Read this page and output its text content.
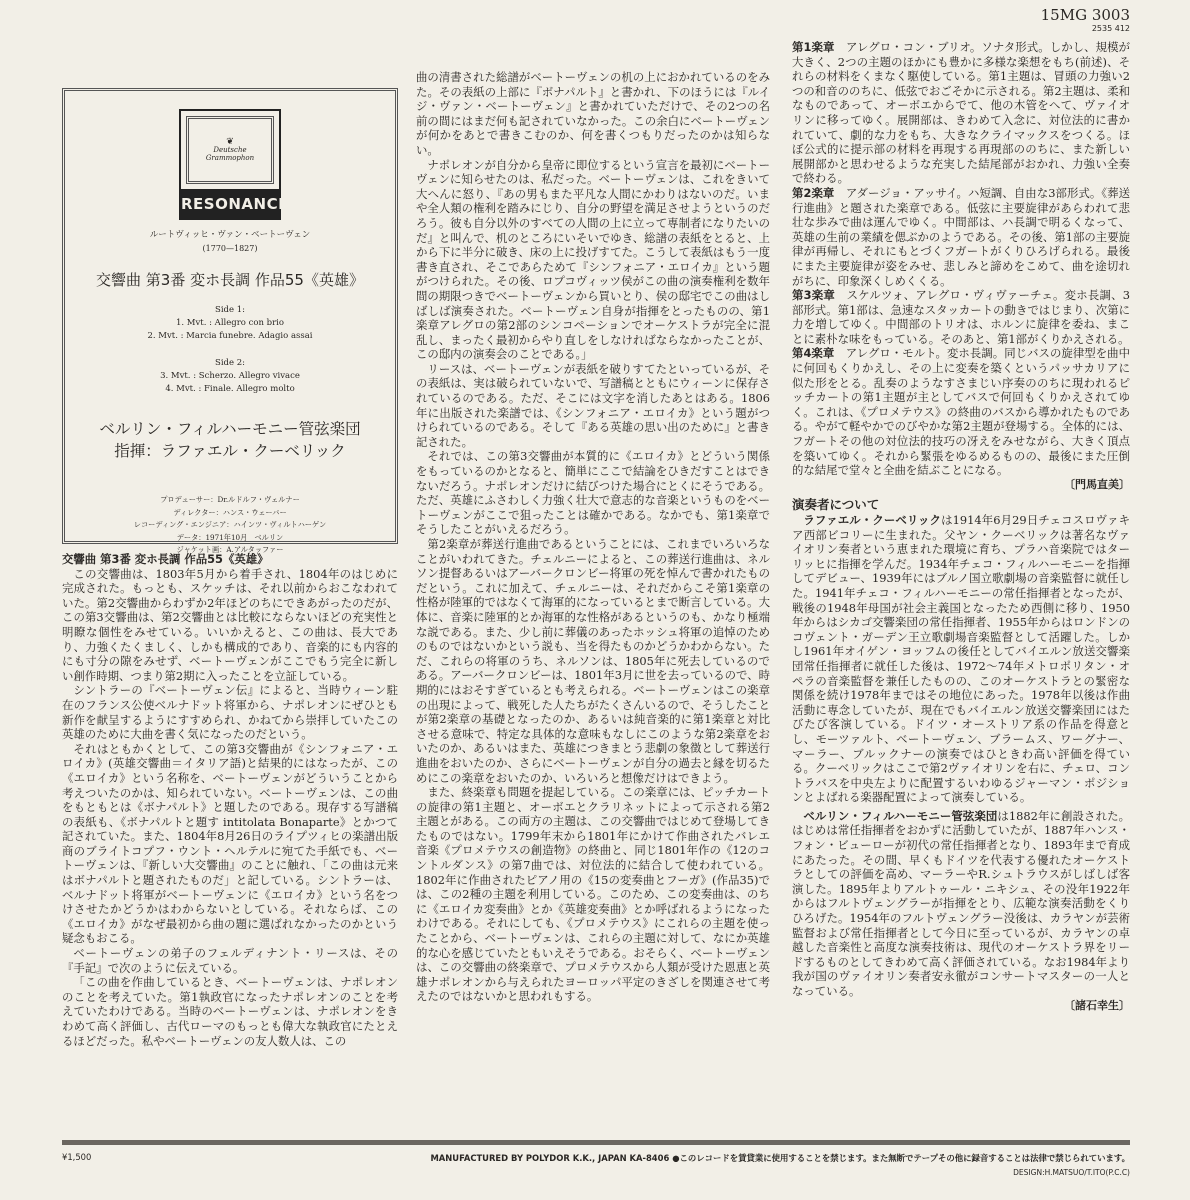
15MG 3003
2535 412
❦
Deutsche
Grammophon
RESONANCE
ルートヴィッヒ・ヴァン・ベートーヴェン
(1770—1827)
交響曲 第3番 変ホ長調 作品55《英雄》
Side 1:
1. Mvt. : Allegro con brio
2. Mvt. : Marcia funebre. Adagio assai
Side 2:
3. Mvt. : Scherzo. Allegro vivace
4. Mvt. : Finale. Allegro molto
ベルリン・フィルハーモニー管弦楽団
指揮：ラファエル・クーベリック
プロデューサー：Dr.ルドルフ・ヴェルナー
ディレクター：ハンス・ウェーバー
レコーディング・エンジニア：ハインツ・ヴィルトハーゲン
データ：1971年10月　ベルリン
ジャケット画：A.アルタッファー

交響曲 第3番 変ホ長調 作品55《英雄》

この交響曲は、1803年5月から着手され、1804年のはじめに完成された。もっとも、スケッチは、それ以前からおこなわれていた。第2交響曲からわずか2年ほどのちにできあがったのだが、この第3交響曲は、第2交響曲とは比較にならないほどの充実性と明瞭な個性をみせている。いいかえると、この曲は、長大であり、力強くたくましく、しかも構成的であり、音楽的にも内容的にも寸分の隙をみせず、ベートーヴェンがここでもう完全に新しい創作時期、つまり第2期に入ったことを立証している。

シントラーの『ベートーヴェン伝』によると、当時ウィーン駐在のフランス公使ベルナドット将軍から、ナポレオンにぜひとも新作を献呈するようにすすめられ、かねてから崇拝していたこの英雄のために大曲を書く気になったのだという。

それはともかくとして、この第3交響曲が《シンフォニア・エロイカ》(英雄交響曲＝イタリア語)と結果的にはなったが、この《エロイカ》という名称を、ベートーヴェンがどういうことから考えついたのかは、知られていない。ベートーヴェンは、この曲をもともとは《ボナパルト》と題したのである。現存する写譜稿の表紙も、《ボナパルトと題す intitolata Bonaparte》とかつて記されていた。また、1804年8月26日のライプツィヒの楽譜出版商のブライトコプフ・ウント・ヘルテルに宛てた手紙でも、ベートーヴェンは、『新しい大交響曲』のことに触れ、「この曲は元来はボナパルトと題されたものだ」と記している。シントラーは、ベルナドット将軍がベートーヴェンに《エロイカ》という名をつけさせたかどうかはわからないとしている。それならば、この《エロイカ》がなぜ最初から曲の題に選ばれなかったのかという疑念もおこる。

ベートーヴェンの弟子のフェルディナント・リースは、その『手記』で次のように伝えている。

「この曲を作曲しているとき、ベートーヴェンは、ナポレオンのことを考えていた。第1執政官になったナポレオンのことを考えていたわけである。当時のベートーヴェンは、ナポレオンをきわめて高く評価し、古代ローマのもっとも偉大な執政官にたとえるほどだった。私やベートーヴェンの友人数人は、この

曲の清書された総譜がベートーヴェンの机の上におかれているのをみた。その表紙の上部に『ボナパルト』と書かれ、下のほうには『ルイジ・ヴァン・ベートーヴェン』と書かれていただけで、その2つの名前の間にはまだ何も記されていなかった。この余白にベートーヴェンが何かをあとで書きこむのか、何を書くつもりだったのかは知らない。

ナポレオンが自分から皇帝に即位するという宣言を最初にベートーヴェンに知らせたのは、私だった。ベートーヴェンは、これをきいて大へんに怒り、『あの男もまた平凡な人間にかわりはないのだ。いまや全人類の権利を踏みにじり、自分の野望を満足させようというのだろう。彼も自分以外のすべての人間の上に立って専制者になりたいのだ』と叫んで、机のところにいそいでゆき、総譜の表紙をとると、上から下に半分に破き、床の上に投げすてた。こうして表紙はもう一度書き直され、そこであらためて『シンフォニア・エロイカ』という題がつけられた。その後、ロプコヴィッツ侯がこの曲の演奏権利を数年間の期限つきでベートーヴェンから買いとり、侯の邸宅でこの曲はしばしば演奏された。ベートーヴェン自身が指揮をとったものの、第1楽章アレグロの第2部のシンコペーションでオーケストラが完全に混乱し、まったく最初からやり直しをしなければならなかったことが、この邸内の演奏会のことである。」

リースは、ベートーヴェンが表紙を破りすてたといっているが、その表紙は、実は破られていないで、写譜稿とともにウィーンに保存されているのである。ただ、そこには文字を消したあとはある。1806年に出版された楽譜では、《シンフォニア・エロイカ》という題がつけられているのである。そして『ある英雄の思い出のために』と書き記された。

それでは、この第3交響曲が本質的に《エロイカ》とどういう関係をもっているのかとなると、簡単にここで結論をひきだすことはできないだろう。ナポレオンだけに結びつけた場合にとくにそうである。ただ、英雄にふさわしく力強く壮大で意志的な音楽というものをベートーヴェンがここで狙ったことは確かである。なかでも、第1楽章でそうしたことがいえるだろう。

第2楽章が葬送行進曲であるということには、これまでいろいろなことがいわれてきた。チェルニーによると、この葬送行進曲は、ネルソン提督あるいはアーバークロンビー将軍の死を悼んで書かれたものだという。これに加えて、チェルニーは、それだからこそ第1楽章の性格が陸軍的ではなくて海軍的になっているとまで断言している。大体に、音楽に陸軍的とか海軍的な性格があるというのも、かなり極端な説である。また、少し前に葬儀のあったホッシュ将軍の追悼のためのものではないかという説も、当を得たものかどうかわからない。ただ、これらの将軍のうち、ネルソンは、1805年に死去しているのである。アーバークロンビーは、1801年3月に世を去っているので、時期的にはおそすぎているとも考えられる。ベートーヴェンはこの楽章の出現によって、戦死した人たちがたくさんいるので、そうしたことが第2楽章の基礎となったのか、あるいは純音楽的に第1楽章と対比させる意味で、特定な具体的な意味もなしにこのような第2楽章をおいたのか、あるいはまた、英雄につきまとう悲劇の象徴として葬送行進曲をおいたのか、さらにベートーヴェンが自分の過去と縁を切るためにこの楽章をおいたのか、いろいろと想像だけはできよう。

また、終楽章も問題を提起している。この楽章には、ピッチカートの旋律の第1主題と、オーボエとクラリネットによって示される第2主題とがある。この両方の主題は、この交響曲ではじめて登場してきたものではない。1799年末から1801年にかけて作曲されたバレエ音楽《プロメテウスの創造物》の終曲と、同じ1801年作の《12のコントルダンス》の第7曲では、対位法的に結合して使われている。1802年に作曲されたピアノ用の《15の変奏曲とフーガ》(作品35)では、この2種の主題を利用している。このため、この変奏曲は、のちに《エロイカ変奏曲》とか《英雄変奏曲》とか呼ばれるようになったわけである。それにしても、《プロメテウス》にこれらの主題を使ったことから、ベートーヴェンは、これらの主題に対して、なにか英雄的な心を感じていたともいえそうである。おそらく、ベートーヴェンは、この交響曲の終楽章で、プロメテウスから人類が受けた恩恵と英雄ナポレオンから与えられたヨーロッパ平定のきざしを関連させて考えたのではないかと思われもする。

第1楽章　 アレグロ・コン・ブリオ。ソナタ形式。しかし、規模が大きく、2つの主題のほかにも豊かに多様な楽想をもち(前述)、それらの材料をくまなく駆使している。第1主題は、冒頭の力強い2つの和音ののちに、低弦でおごそかに示される。第2主題は、柔和なものであって、オーボエからでて、他の木管をへて、ヴァイオリンに移ってゆく。展開部は、きわめて入念に、対位法的に書かれていて、劇的な力をもち、大きなクライマックスをつくる。ほぼ公式的に提示部の材料を再現する再現部ののちに、また新しい展開部かと思わせるような充実した結尾部がおかれ、力強い全奏で終わる。

第2楽章　 アダージョ・アッサイ。ハ短調、自由な3部形式。《葬送行進曲》と題された楽章である。低弦に主要旋律があらわれて悲壮な歩みで曲は運んでゆく。中間部は、ハ長調で明るくなって、英雄の生前の業績を偲ぶかのようである。その後、第1部の主要旋律が再帰し、それにもとづくフガートがくりひろげられる。最後にまた主要旋律が姿をみせ、悲しみと諦めをこめて、曲を途切れがちに、印象深くしめくくる。

第3楽章　 スケルツォ、アレグロ・ヴィヴァーチェ。変ホ長調、3部形式。第1部は、急速なスタッカートの動きではじまり、次第に力を増してゆく。中間部のトリオは、ホルンに旋律を委ね、まことに素朴な味をもっている。そのあと、第1部がくりかえされる。

第4楽章　 アレグロ・モルト。変ホ長調。同じバスの旋律型を曲中に何回もくりかえし、その上に変奏を築くというパッサカリアに似た形をとる。乱奏のようなすさまじい序奏ののちに現われるピッチカートの第1主題が主としてバスで何回もくりかえされてゆく。これは、《プロメテウス》の終曲のバスから導かれたものである。やがて軽やかでのびやかな第2主題が登場する。全体的には、フガートその他の対位法的技巧の冴えをみせながら、大きく頂点を築いてゆく。それから緊張をゆるめるものの、最後にまた圧倒的な結尾で堂々と全曲を結ぶことになる。

〔門馬直美〕

演奏者について

ラファエル・クーベリックは1914年6月29日チェコスロヴァキア西部ビコリーに生まれた。父ヤン・クーベリックは著名なヴァイオリン奏者という恵まれた環境に育ち、プラハ音楽院ではターリッヒに指揮を学んだ。1934年チェコ・フィルハーモニーを指揮してデビュー、1939年にはブルノ国立歌劇場の音楽監督に就任した。1941年チェコ・フィルハーモニーの常任指揮者となったが、戦後の1948年母国が社会主義国となったため西側に移り、1950年からはシカゴ交響楽団の常任指揮者、1955年からはロンドンのコヴェント・ガーデン王立歌劇場音楽監督として活躍した。しかし1961年オイゲン・ヨッフムの後任としてバイエルン放送交響楽団常任指揮者に就任した後は、1972〜74年メトロポリタン・オペラの音楽監督を兼任したものの、このオーケストラとの緊密な関係を続け1978年まではその地位にあった。1978年以後は作曲活動に専念していたが、現在でもバイエルン放送交響楽団にはたびたび客演している。ドイツ・オーストリア系の作品を得意とし、モーツァルト、ベートーヴェン、ブラームス、ワーグナー、マーラー、ブルックナーの演奏ではひときわ高い評価を得ている。クーベリックはここで第2ヴァイオリンを右に、チェロ、コントラバスを中央左よりに配置するいわゆるジャーマン・ポジションとよばれる楽器配置によって演奏している。

ベルリン・フィルハーモニー管弦楽団は1882年に創設された。はじめは常任指揮者をおかずに活動していたが、1887年ハンス・フォン・ビューローが初代の常任指揮者となり、1893年まで育成にあたった。その間、早くもドイツを代表する優れたオーケストラとしての評価を高め、マーラーやR.シュトラウスがしばしば客演した。1895年よりアルトゥール・ニキシュ、その没年1922年からはフルトヴェングラーが指揮をとり、広範な演奏活動をくりひろげた。1954年のフルトヴェングラー没後は、カラヤンが芸術監督および常任指揮者として今日に至っているが、カラヤンの卓越した音楽性と高度な演奏技術は、現代のオーケストラ界をリードするものとしてきわめて高く評価されている。なお1984年より我が国のヴァイオリン奏者安永徹がコンサートマスターの一人となっている。

〔諸石幸生〕

¥1,500	MANUFACTURED BY POLYDOR K.K., JAPAN KA-8406 ●このレコードを賃貸業に使用することを禁じます。また無断でテープその他に録音することは法律で禁じられています。
DESIGN:H.MATSUO/T.ITO(P.C.C)
